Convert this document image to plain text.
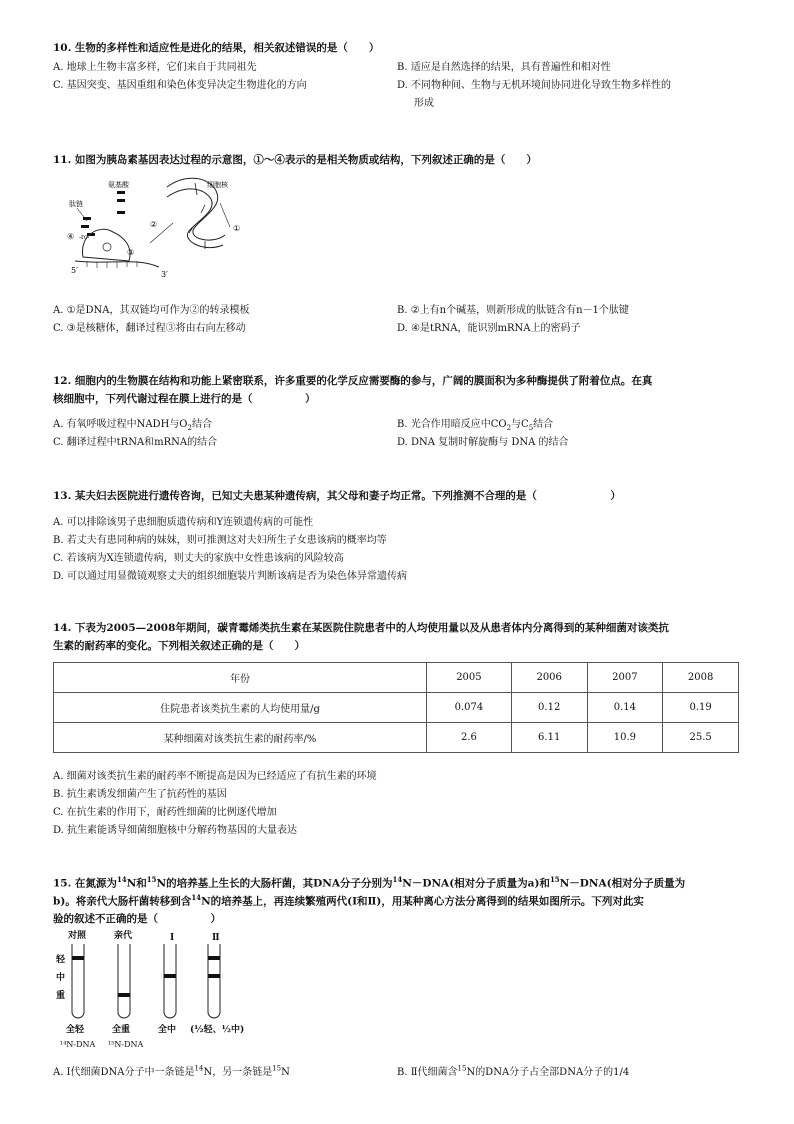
10. 生物的多样性和适应性是进化的结果，相关叙述错误的是（　　）
A. 地球上生物丰富多样，它们来自于共同祖先	B. 适应是自然选择的结果，具有普遍性和相对性
C. 基因突变、基因重组和染色体变异决定生物进化的方向	D. 不同物种间、生物与无机环境间协同进化导致生物多样性的
形成
11. 如图为胰岛素基因表达过程的示意图，①～④表示的是相关物质或结构，下列叙述正确的是（　　）
①
细胞核
②
氨基酸
肽链
④ -rc-
③
5′	3′
A. ①是DNA，其双链均可作为②的转录模板	B. ②上有n个碱基，则新形成的肽链含有n－1个肽键
C. ③是核糖体，翻译过程③将由右向左移动	D. ④是tRNA，能识别mRNA上的密码子
12. 细胞内的生物膜在结构和功能上紧密联系，许多重要的化学反应需要酶的参与，广阔的膜面积为多种酶提供了附着位点。在真
核细胞中，下列代谢过程在膜上进行的是（　　　　　）
A. 有氧呼吸过程中NADH与$O_2$结合	B. 光合作用暗反应中$CO_2$与$C_5$结合
C. 翻译过程中tRNA和mRNA的结合	D. DNA 复制时解旋酶与 DNA 的结合
13. 某夫妇去医院进行遗传咨询，已知丈夫患某种遗传病，其父母和妻子均正常。下列推测不合理的是（　　　　　　　）
A. 可以排除该男子患细胞质遗传病和Y连锁遗传病的可能性
B. 若丈夫有患同种病的妹妹，则可推测这对夫妇所生子女患该病的概率均等
C. 若该病为X连锁遗传病，则丈夫的家族中女性患该病的风险较高
D. 可以通过用显微镜观察丈夫的组织细胞装片判断该病是否为染色体异常遗传病
14. 下表为2005—2008年期间，碳青霉烯类抗生素在某医院住院患者中的人均使用量以及从患者体内分离得到的某种细菌对该类抗
生素的耐药率的变化。下列相关叙述正确的是（　　）
年份	2005	2006	2007	2008
住院患者该类抗生素的人均使用量/g	0.074	0.12	0.14	0.19
某种细菌对该类抗生素的耐药率/%	2.6	6.11	10.9	25.5
A. 细菌对该类抗生素的耐药率不断提高是因为已经适应了有抗生素的环境
B. 抗生素诱发细菌产生了抗药性的基因
C. 在抗生素的作用下，耐药性细菌的比例逐代增加
D. 抗生素能诱导细菌细胞核中分解药物基因的大量表达
15. 在氮源为$^{14}$N和$^{15}$N的培养基上生长的大肠杆菌，其DNA分子分别为$^{14}$N－DNA(相对分子质量为a)和$^{15}$N－DNA(相对分子质量为
b)。将亲代大肠杆菌转移到含$^{14}$N的培养基上，再连续繁殖两代(Ⅰ和Ⅱ)，用某种离心方法分离得到的结果如图所示。下列对此实
验的叙述不正确的是（　　　　　）
对照	亲代	Ⅰ	Ⅱ
轻
中
重
全轻	全重	全中 (½轻、½中)
¹⁴N-DNA ¹⁵N-DNA
A. Ⅰ代细菌DNA分子中一条链是$^{14}$N，另一条链是$^{15}$N	B. Ⅱ代细菌含$^{15}$N的DNA分子占全部DNA分子的1/4
